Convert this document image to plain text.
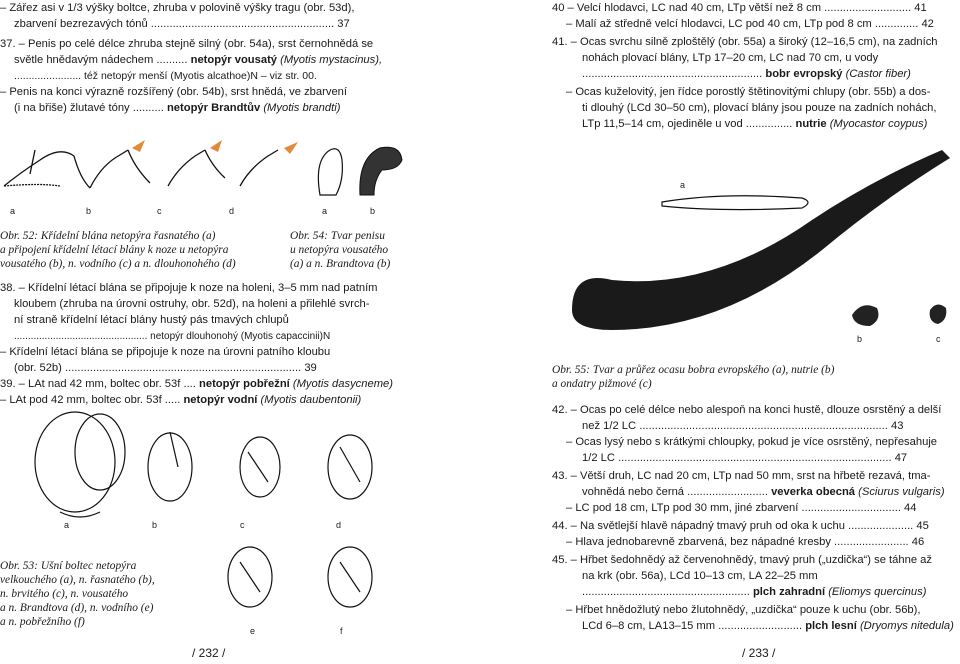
– Zářez asi v 1/3 výšky boltce, zhruba v polovině výšky tragu (obr. 53d),
zbarvení bezrezavých tónů ........................................................... 37
37. – Penis po celé délce zhruba stejně silný (obr. 54a), srst černohnědá se
světle hnědavým nádechem .......... netopýr vousatý (Myotis mystacinus),
....................... též netopýr menší (Myotis alcathoe)N – viz str. 00.
– Penis na konci výrazně rozšířený (obr. 54b), srst hnědá, ve zbarvení
(i na břiše) žlutavé tóny .......... netopýr Brandtův (Myotis brandti)
a	b	c	d	a	b
Obr. 52: Křídelní blána netopýra řasnatého (a)
a připojení křídelní létací blány k noze u netopýra
vousatého (b), n. vodního (c) a n. dlouhonohého (d)
Obr. 54: Tvar penisu
u netopýra vousatého
(a) a n. Brandtova (b)
38. – Křídelní létací blána se připojuje k noze na holeni, 3–5 mm nad patním
kloubem (zhruba na úrovni ostruhy, obr. 52d), na holeni a přilehlé svrch-
ní straně křídelní létací blány hustý pás tmavých chlupů
................................................ netopýr dlouhonohý (Myotis capaccinii)N
– Křídelní létací blána se připojuje k noze na úrovni patního kloubu
(obr. 52b) ............................................................................ 39
39. – LAt nad 42 mm, boltec obr. 53f .... netopýr pobřežní (Myotis dasycneme)
– LAt pod 42 mm, boltec obr. 53f ..... netopýr vodní (Myotis daubentonii)
a	b	c	d
e	f
Obr. 53: Ušní boltec netopýra
velkouchého (a), n. řasnatého (b),
n. brvitého (c), n. vousatého
a n. Brandtova (d), n. vodního (e)
a n. pobřežního (f)
/ 232 /
40 – Velcí hlodavci, LC nad 40 cm, LTp větší než 8 cm ............................ 41
– Malí až středně velcí hlodavci, LC pod 40 cm, LTp pod 8 cm .............. 42
41. – Ocas svrchu silně zploštělý (obr. 55a) a široký (12–16,5 cm), na zadních
nohách plovací blány, LTp 17–20 cm, LC nad 70 cm, u vody
.......................................................... bobr evropský (Castor fiber)
– Ocas kuželovitý, jen řídce porostlý štětinovitými chlupy (obr. 55b) a dos-
ti dlouhý (LCd 30–50 cm), plovací blány jsou pouze na zadních nohách,
LTp 11,5–14 cm, ojediněle u vod ............... nutrie (Myocastor coypus)
a
b	c
Obr. 55: Tvar a průřez ocasu bobra evropského (a), nutrie (b)
a ondatry pižmové (c)
42. – Ocas po celé délce nebo alespoň na konci hustě, dlouze osrstěný a delší
než 1/2 LC ................................................................................ 43
– Ocas lysý nebo s krátkými chloupky, pokud je více osrstěný, nepřesahuje
1/2 LC ........................................................................................ 47
43. – Větší druh, LC nad 20 cm, LTp nad 50 mm, srst na hřbetě rezavá, tma-
vohnědá nebo černá .......................... veverka obecná (Sciurus vulgaris)
– LC pod 18 cm, LTp pod 30 mm, jiné zbarvení ................................ 44
44. – Na světlejší hlavě nápadný tmavý pruh od oka k uchu ..................... 45
– Hlava jednobarevně zbarvená, bez nápadné kresby ........................ 46
45. – Hřbet šedohnědý až červenohnědý, tmavý pruh („uzdička“) se táhne až
na krk (obr. 56a), LCd 10–13 cm, LA 22–25 mm
...................................................... plch zahradní (Eliomys quercinus)
– Hřbet hnědožlutý nebo žlutohnědý, „uzdička“ pouze k uchu (obr. 56b),
LCd 6–8 cm, LA13–15 mm ........................... plch lesní (Dryomys nitedula)
/ 233 /
